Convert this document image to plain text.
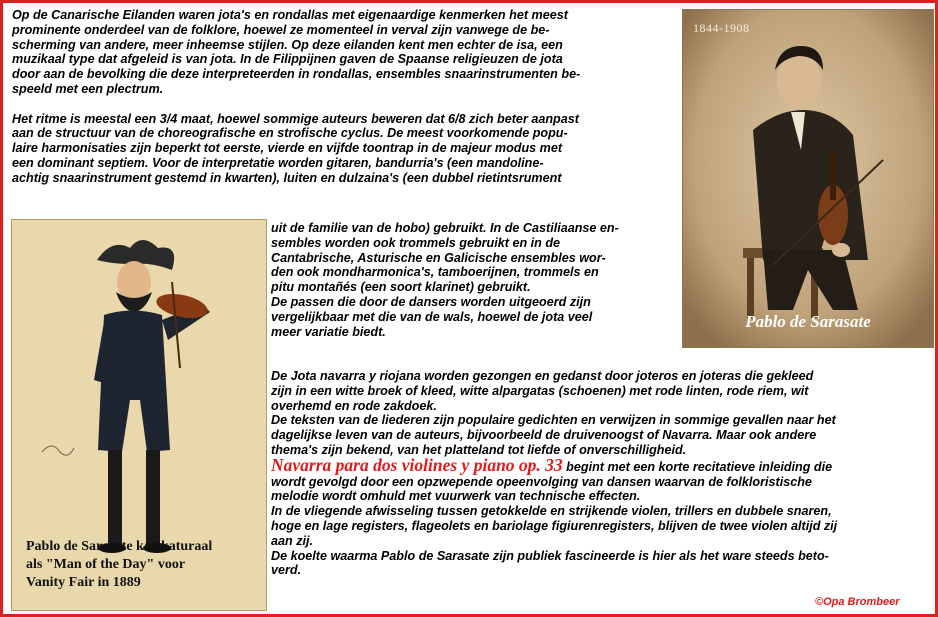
Op de Canarische Eilanden waren jota's en rondallas met eigenaardige kenmerken het meest

prominente onderdeel van de folklore, hoewel ze momenteel in verval zijn vanwege de be-

scherming van andere, meer inheemse stijlen. Op deze eilanden kent men echter de isa, een

muzikaal type dat afgeleid is van jota. In de Filippijnen gaven de Spaanse religieuzen de jota

door aan de bevolking die deze interpreteerden in rondallas, ensembles snaarinstrumenten be-

speeld met een plectrum.

Het ritme is meestal een 3/4 maat, hoewel sommige auteurs beweren dat 6/8 zich beter aanpast

aan de structuur van de choreografische en strofische cyclus. De meest voorkomende popu-

laire harmonisaties zijn beperkt tot eerste, vierde en vijfde toontrap in de majeur modus met

een dominant septiem. Voor de interpretatie worden gitaren, bandurria's (een mandoline-

achtig snaarinstrument gestemd in kwarten), luiten en dulzaina's (een dubbel rietintsrument

1844-1908
Pablo de Sarasate
Pablo de Sarasate karikaturaal
als "Man of the Day" voor
Vanity Fair in 1889

uit de familie van de hobo) gebruikt. In de Castiliaanse en-

sembles worden ook trommels gebruikt en in de

Cantabrische, Asturische en Galicische ensembles wor-

den ook mondharmonica's, tamboerijnen, trommels en

pitu montañés (een soort klarinet) gebruikt.

De passen die door de dansers worden uitgeoerd zijn

vergelijkbaar met die van de wals, hoewel de jota veel

meer variatie biedt.

De Jota navarra y riojana worden gezongen en gedanst door joteros en joteras die gekleed

zijn in een witte broek of kleed, witte alpargatas (schoenen) met rode linten, rode riem, wit

overhemd en rode zakdoek.

De teksten van de liederen zijn populaire gedichten en verwijzen in sommige gevallen naar het

dagelijkse leven van de auteurs, bijvoorbeeld de druivenoogst of Navarra. Maar ook andere

thema's zijn bekend, van het platteland tot liefde of onverschilligheid.

Navarra para dos violines y piano op. 33 begint met een korte recitatieve inleiding die

wordt gevolgd door een opzwepende opeenvolging van dansen waarvan de folkloristische

melodie wordt omhuld met vuurwerk van technische effecten.

In de vliegende afwisseling tussen getokkelde en strijkende violen, trillers en dubbele snaren,

hoge en lage registers, flageolets en bariolage figiurenregisters, blijven de twee violen altijd zij

aan zij.

De koelte waarma Pablo de Sarasate zijn publiek fascineerde is hier als het ware steeds beto-

verd.

©Opa Brombeer
